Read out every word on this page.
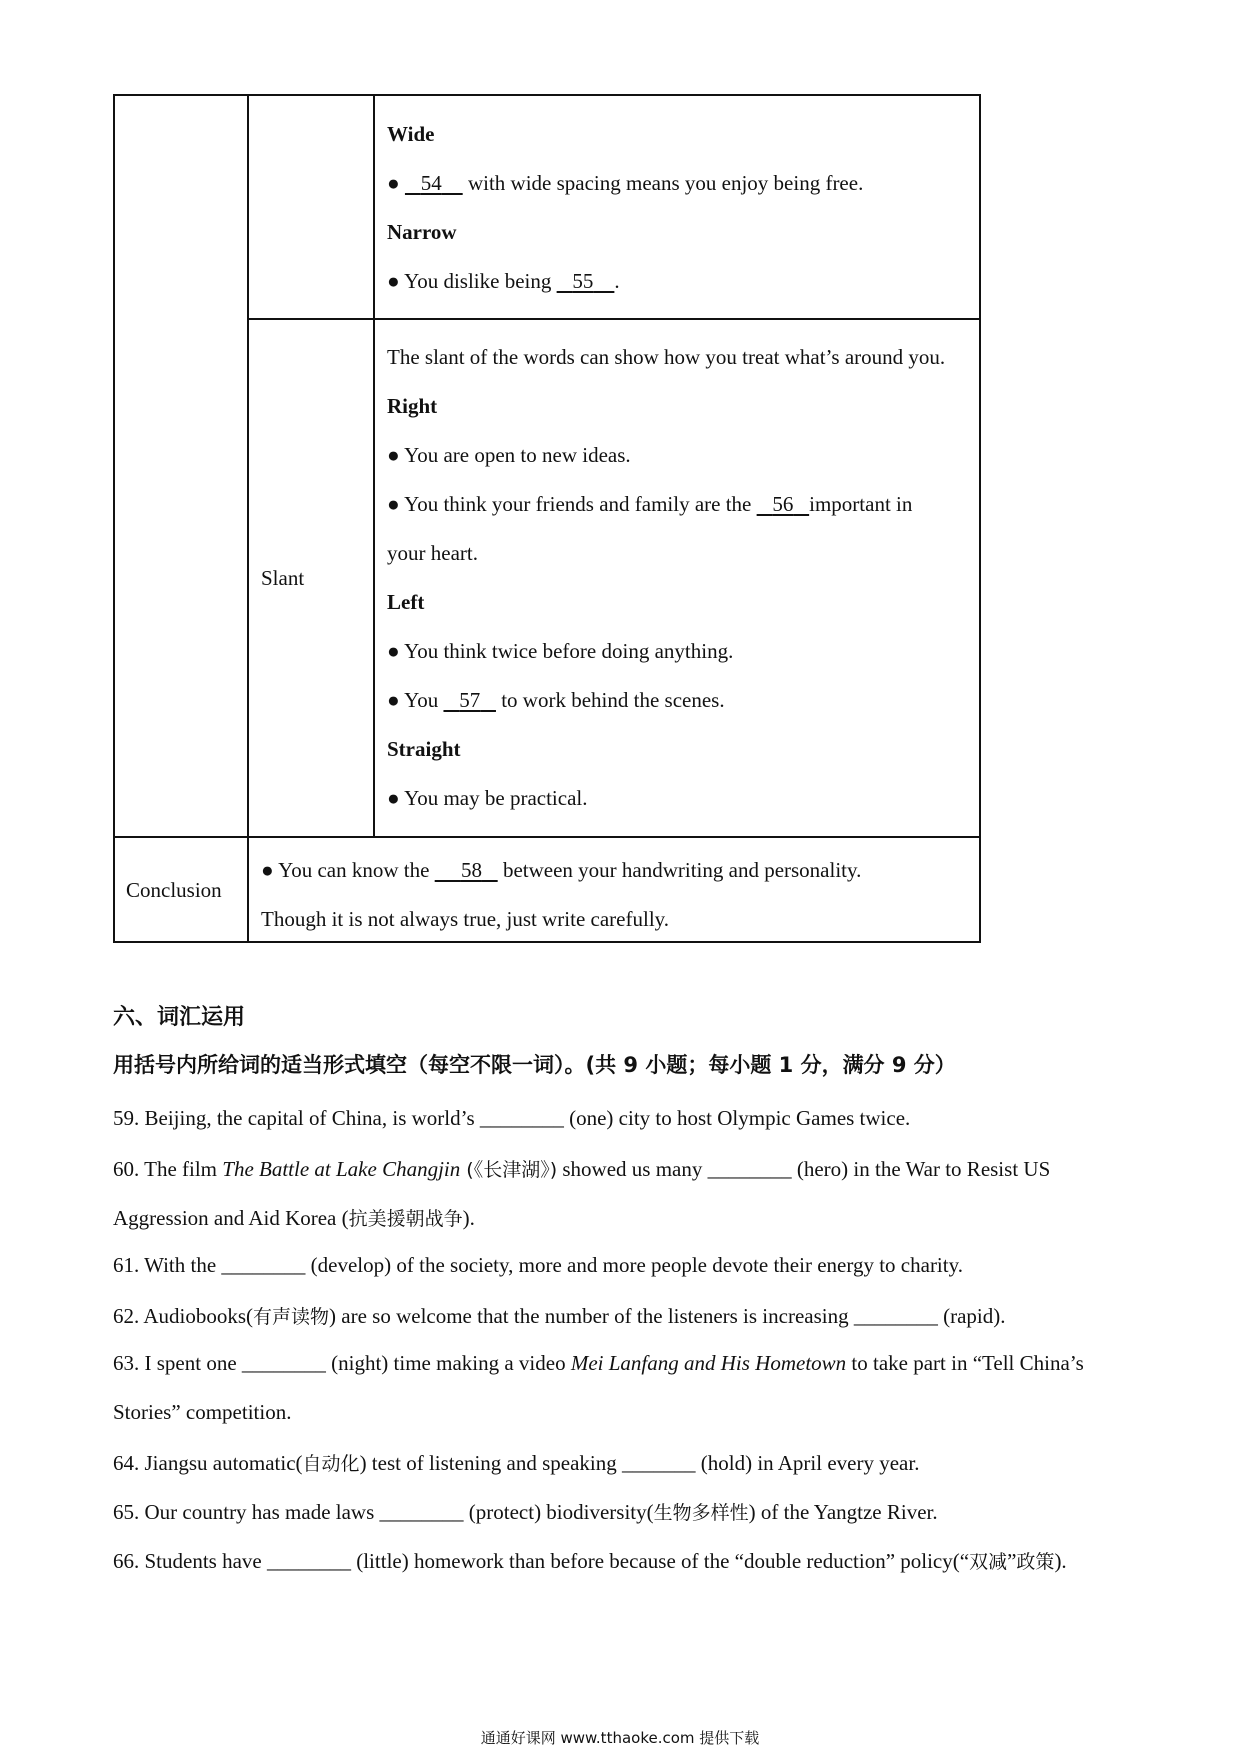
Wide

● 54     with wide spacing means you enjoy being free.

Narrow

● You dislike being    55 .

Slant

The slant of the words can show how you treat what’s around you.

Right

● You are open to new ideas.

● You think your friends and family are the    56 important in

your heart.

Left

● You think twice before doing anything.

● You    57    to work behind the scenes.

Straight

● You may be practical.

Conclusion

● You can know the      58    between your handwriting and personality.

Though it is not always true, just write carefully.

六、词汇运用
用括号内所给词的适当形式填空（每空不限一词）。(共 9 小题；每小题 1 分，满分 9 分）
59. Beijing, the capital of China, is world’s ________ (one) city to host Olympic Games twice.
60. The film The Battle at Lake Changjin (《长津湖》) showed us many ________ (hero) in the War to Resist US
Aggression and Aid Korea (抗美援朝战争).
61. With the ________ (develop) of the society, more and more people devote their energy to charity.
62. Audiobooks(有声读物) are so welcome that the number of the listeners is increasing ________ (rapid).
63. I spent one ________ (night) time making a video Mei Lanfang and His Hometown to take part in “Tell China’s
Stories” competition.
64. Jiangsu automatic(自动化) test of listening and speaking _______ (hold) in April every year.
65. Our country has made laws ________ (protect) biodiversity(生物多样性) of the Yangtze River.
66. Students have ________ (little) homework than before because of the “double reduction” policy(“双减”政策).
通通好课网 www.tthaoke.com 提供下载
